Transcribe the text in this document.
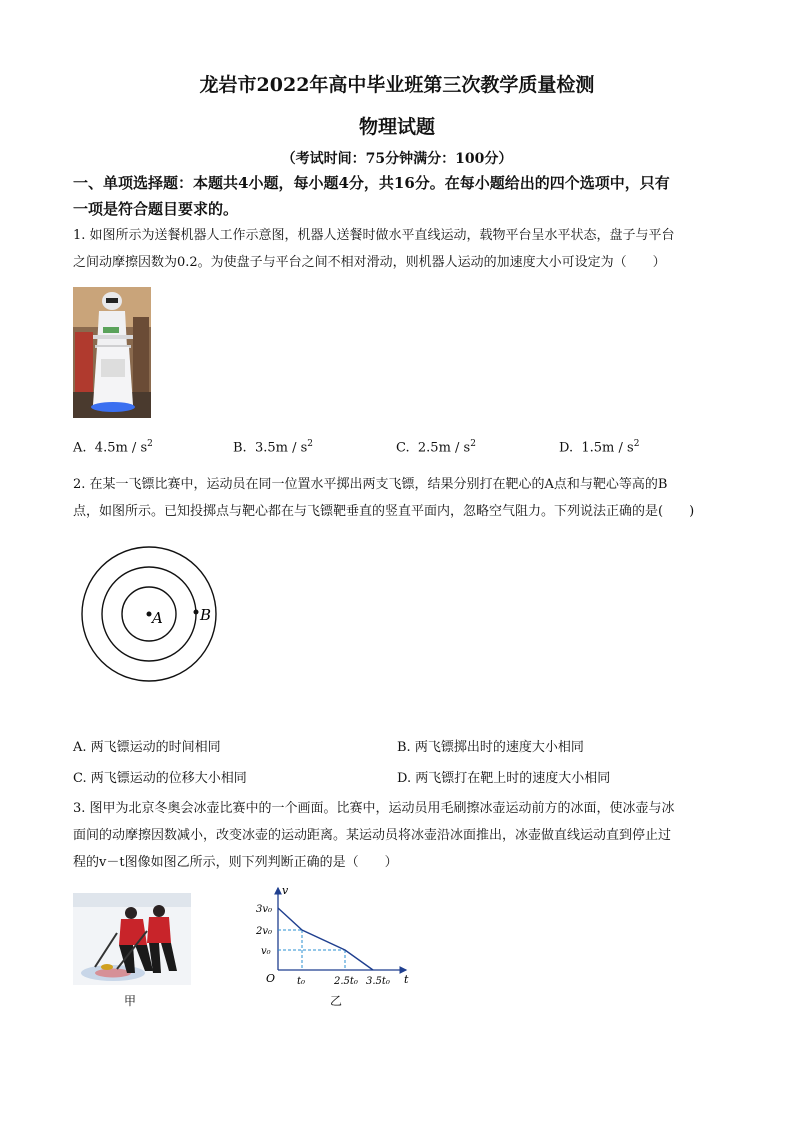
龙岩市2022年高中毕业班第三次教学质量检测
物理试题
（考试时间：75分钟满分：100分）
一、单项选择题：本题共4小题，每小题4分，共16分。在每小题给出的四个选项中，只有
一项是符合题目要求的。
1. 如图所示为送餐机器人工作示意图，机器人送餐时做水平直线运动，载物平台呈水平状态，盘子与平台
之间动摩擦因数为0.2。为使盘子与平台之间不相对滑动，则机器人运动的加速度大小可设定为（　　）
A. $4.5m / s^2$	B. $3.5m / s^2$	C. $2.5m / s^2$	D. $1.5m / s^2$
2. 在某一飞镖比赛中，运动员在同一位置水平掷出两支飞镖，结果分别打在靶心的A点和与靶心等高的B
点，如图所示。已知投掷点与靶心都在与飞镖靶垂直的竖直平面内，忽略空气阻力。下列说法正确的是(　　)
A B
A. 两飞镖运动的时间相同	B. 两飞镖掷出时的速度大小相同
C. 两飞镖运动的位移大小相同	D. 两飞镖打在靶上时的速度大小相同
3. 图甲为北京冬奥会冰壶比赛中的一个画面。比赛中，运动员用毛刷擦冰壶运动前方的冰面，使冰壶与冰
面间的动摩擦因数减小，改变冰壶的运动距离。某运动员将冰壶沿冰面推出，冰壶做直线运动直到停止过
程的v－t图像如图乙所示，则下列判断正确的是（　　）
甲
v
t
O
3v₀
2v₀
v₀
t₀	2.5t₀ 3.5t₀
乙
